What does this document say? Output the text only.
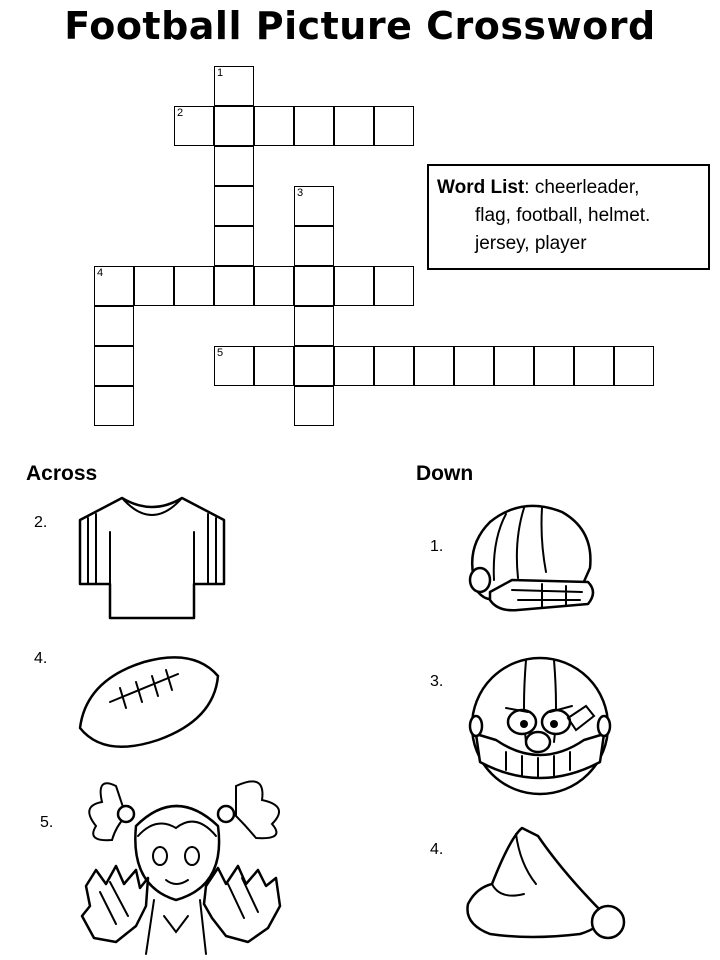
Football Picture Crossword
1
2
3
4
5
Word List: cheerleader,
flag, football, helmet.
jersey, player
Across	Down
2.
4.
5.
1.
3.
4.
